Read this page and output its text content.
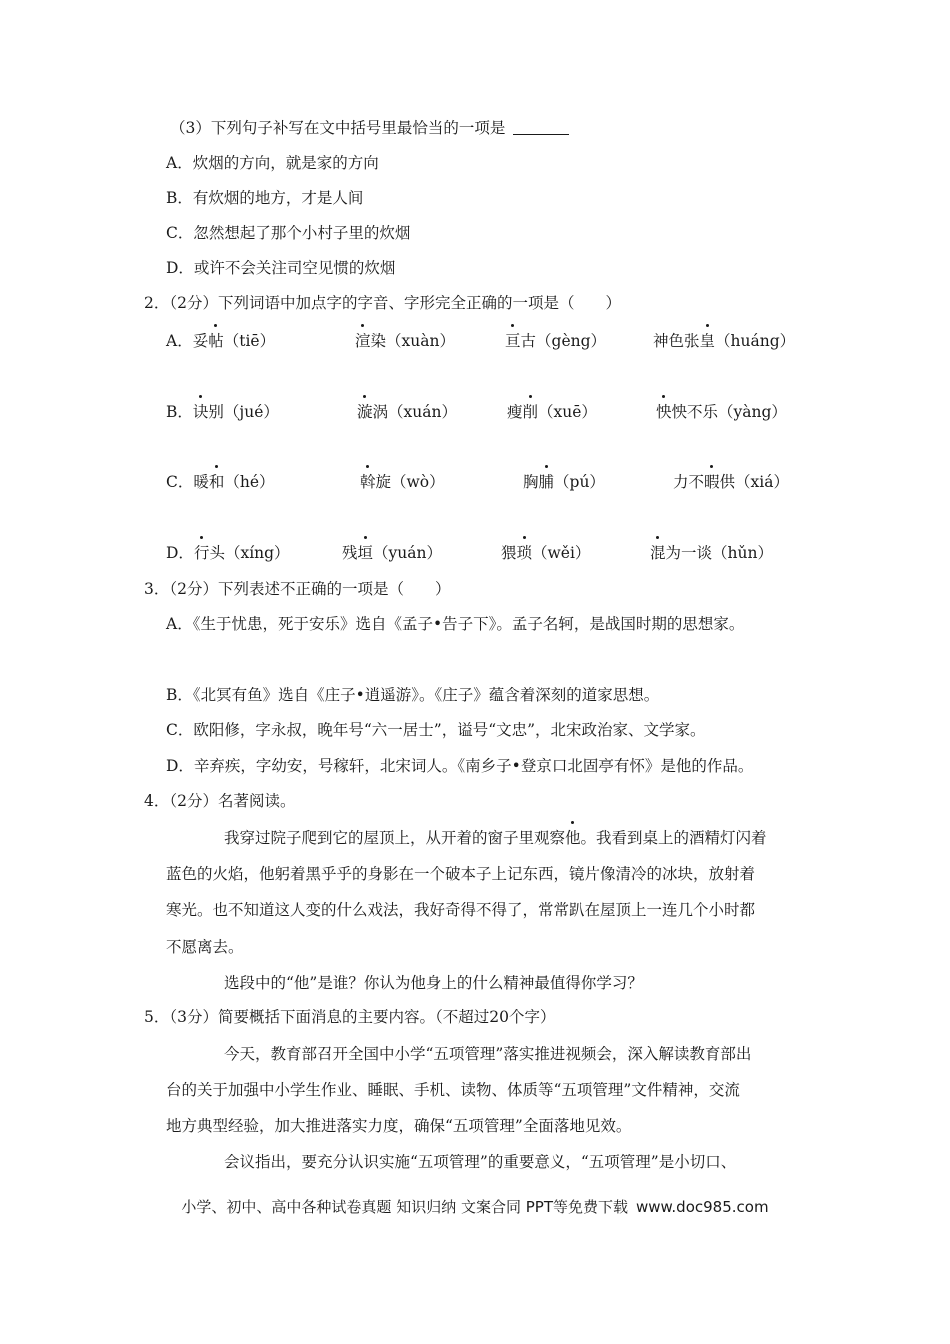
（3）下列句子补写在文中括号里最恰当的一项是
A．炊烟的方向，就是家的方向
B．有炊烟的地方，才是人间
C．忽然想起了那个小村子里的炊烟
D．或许不会关注司空见惯的炊烟
2．（2分）下列词语中加点字的字音、字形完全正确的一项是（　　）
A．妥帖（tiē）	渲染（xuàn）	亘古（gèng）	神色张皇（huáng）
B．诀别（jué）	漩涡（xuán）	瘦削（xuē）	怏怏不乐（yàng）
C．暖和（hé）	斡旋（wò）	胸脯（pú）	力不暇供（xiá）
D．行头（xíng）	残垣（yuán）	猥琐（wěi）	混为一谈（hǔn）
3．（2分）下列表述不正确的一项是（　　）
A．《生于忧患，死于安乐》选自《孟子•告子下》。孟子名轲，是战国时期的思想家。
B．《北冥有鱼》选自《庄子•逍遥游》。《庄子》蕴含着深刻的道家思想。
C．欧阳修，字永叔，晚年号“六一居士”，谥号“文忠”，北宋政治家、文学家。
D．辛弃疾，字幼安，号稼轩，北宋词人。《南乡子•登京口北固亭有怀》是他的作品。
4．（2分）名著阅读。
我穿过院子爬到它的屋顶上，从开着的窗子里观察他。我看到桌上的酒精灯闪着
蓝色的火焰，他躬着黑乎乎的身影在一个破本子上记东西，镜片像清冷的冰块，放射着
寒光。也不知道这人变的什么戏法，我好奇得不得了，常常趴在屋顶上一连几个小时都
不愿离去。
选段中的“他”是谁？你认为他身上的什么精神最值得你学习？
5．（3分）简要概括下面消息的主要内容。（不超过20个字）
今天，教育部召开全国中小学“五项管理”落实推进视频会，深入解读教育部出
台的关于加强中小学生作业、睡眠、手机、读物、体质等“五项管理”文件精神，交流
地方典型经验，加大推进落实力度，确保“五项管理”全面落地见效。
会议指出，要充分认识实施“五项管理”的重要意义，“五项管理”是小切口、
小学、初中、高中各种试卷真题 知识归纳 文案合同 PPT等免费下载 www.doc985.com
